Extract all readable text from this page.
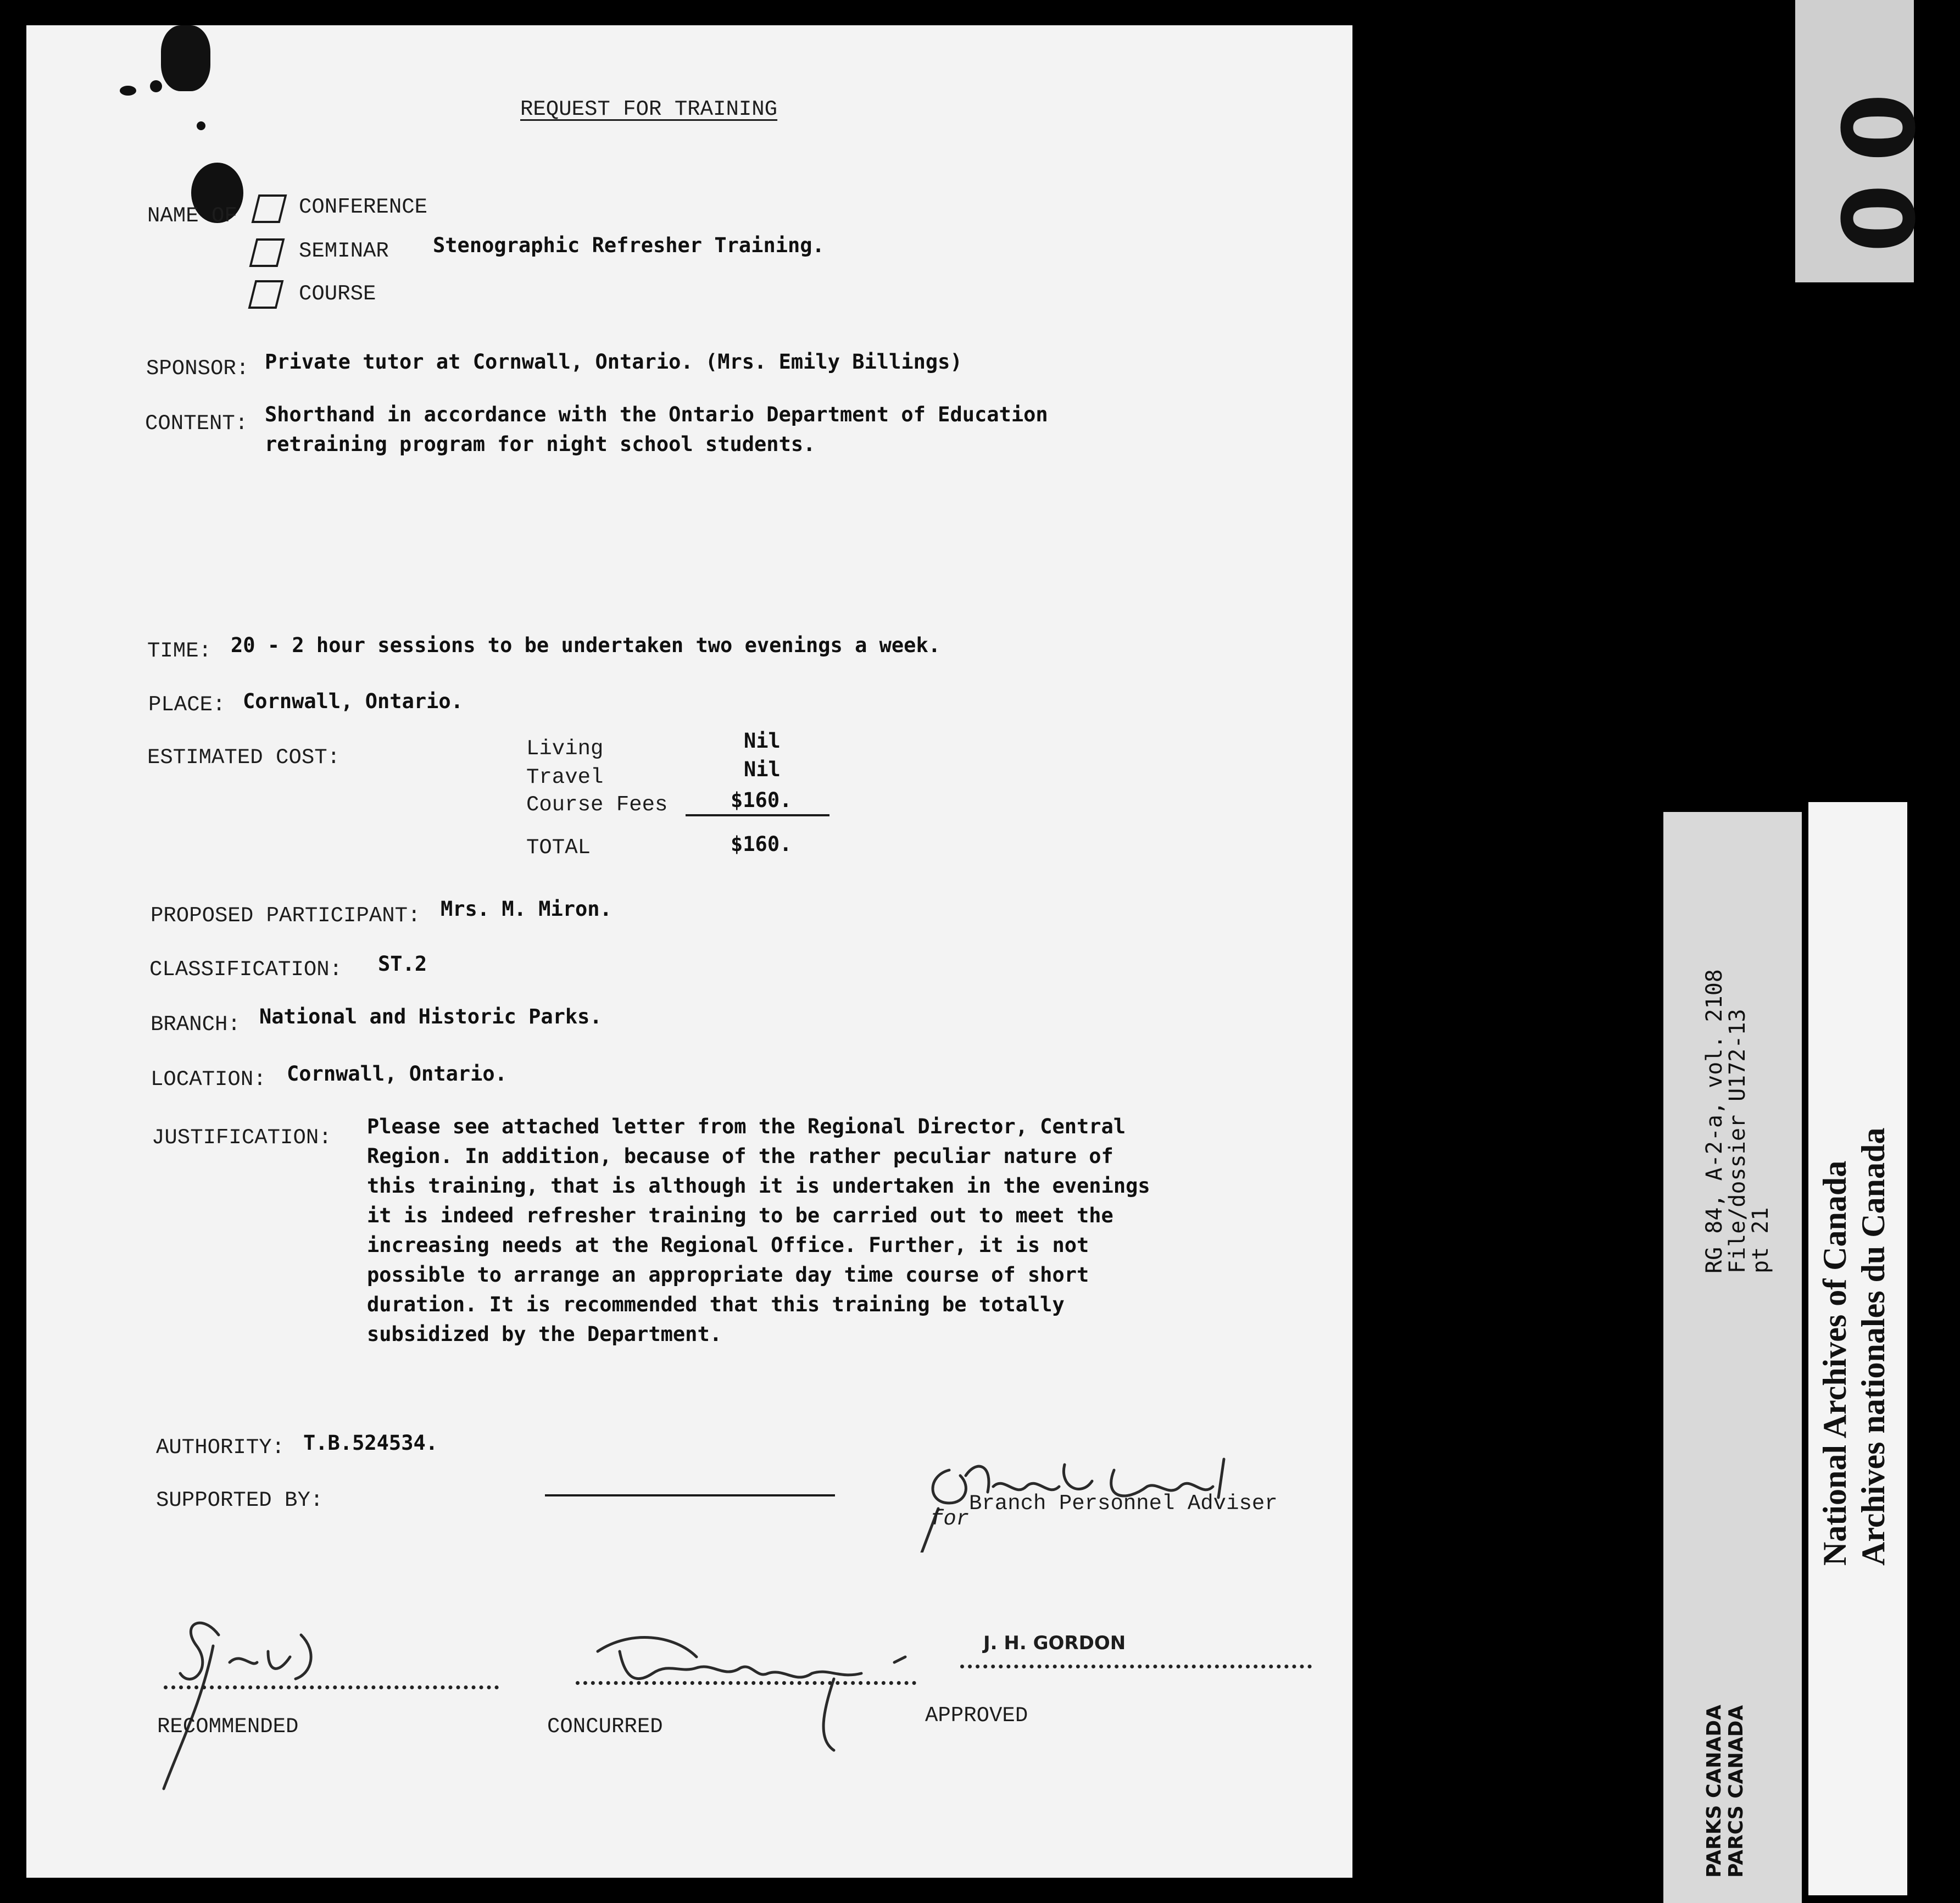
REQUEST FOR TRAINING
NAME OF	CONFERENCE
SEMINAR Stenographic Refresher Training.
COURSE
SPONSOR: Private tutor at Cornwall, Ontario. (Mrs. Emily Billings)
CONTENT: Shorthand in accordance with the Ontario Department of Education
retraining program for night school students.
TIME: 20 - 2 hour sessions to be undertaken two evenings a week.
PLACE: Cornwall, Ontario.
ESTIMATED COST:	Living	Nil
Travel	Nil
Course Fees	$160.
TOTAL	$160.
PROPOSED PARTICIPANT: Mrs. M. Miron.
CLASSIFICATION: ST.2
BRANCH: National and Historic Parks.
LOCATION: Cornwall, Ontario.
JUSTIFICATION: Please see attached letter from the Regional Director, Central
Region. In addition, because of the rather peculiar nature of
this training, that is although it is undertaken in the evenings
it is indeed refresher training to be carried out to meet the
increasing needs at the Regional Office. Further, it is not
possible to arrange an appropriate day time course of short
duration. It is recommended that this training be totally
subsidized by the Department.
AUTHORITY: T.B.524534.
SUPPORTED BY:
for
Branch Personnel Adviser
RECOMMENDED	CONCURRED
J. H. GORDON
APPROVED
00
RG 84, A-2-a, vol. 2108
File/dossier U172-13
pt 21
PARKS CANADA PARCS CANADA
National Archives of Canada Archives nationales du Canada
